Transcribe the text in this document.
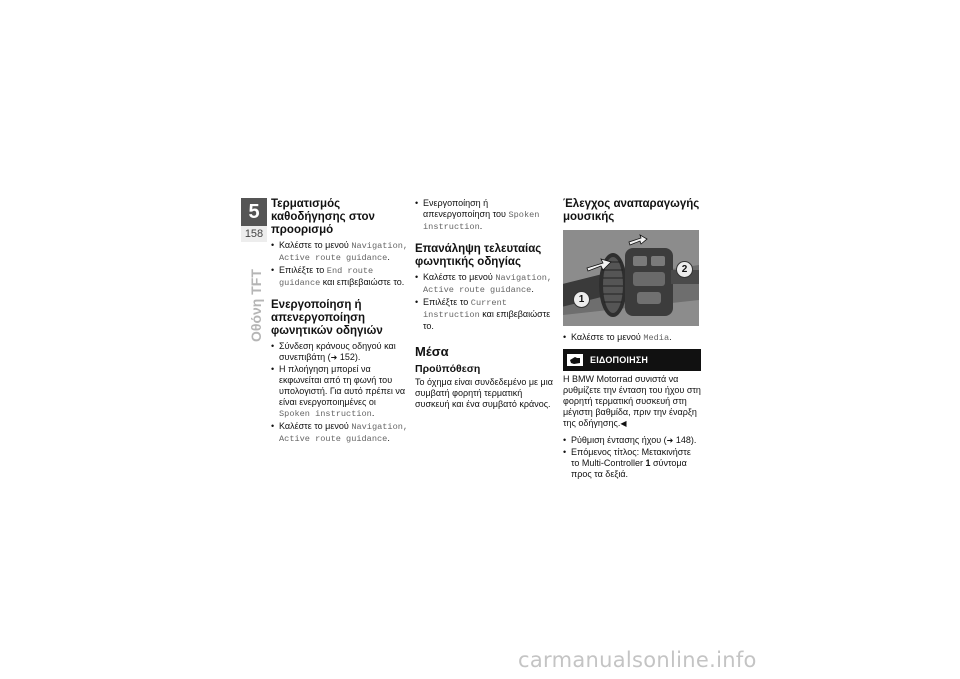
5
158
Οθόνη TFT
Τερματισμός καθοδήγησης στον προορισμό
• Καλέστε το μενού Navigation, Active route guidance.
• Επιλέξτε το End route guidance και επιβεβαιώστε το.
Ενεργοποίηση ή απενεργοποίηση φωνητικών οδηγιών
• Σύνδεση κράνους οδηγού και συνεπιβάτη (➜ 152).
• Η πλοήγηση μπορεί να εκφωνείται από τη φωνή του υπολογιστή. Για αυτό πρέπει να είναι ενεργοποιημένες οι Spoken instruction.
• Καλέστε το μενού Navigation, Active route guidance.
• Ενεργοποίηση ή απενεργοποίηση του Spoken instruction.
Επανάληψη τελευταίας φωνητικής οδηγίας
• Καλέστε το μενού Navigation, Active route guidance.
• Επιλέξτε το Current instruction και επιβεβαιώστε το.
Μέσα
Προϋπόθεση

Το όχημα είναι συνδεδεμένο με μια συμβατή φορητή τερματική συσκευή και ένα συμβατό κράνος.

Έλεγχος αναπαραγωγής μουσικής
1
2
• Καλέστε το μενού Media.
ΕΙΔΟΠΟΙΗΣΗ

Η BMW Motorrad συνιστά να ρυθμίζετε την ένταση του ήχου στη φορητή τερματική συσκευή στη μέγιστη βαθμίδα, πριν την έναρξη της οδήγησης.◀

• Ρύθμιση έντασης ήχου (➜ 148).
• Επόμενος τίτλος: Μετακινήστε το Multi-Controller 1 σύντομα προς τα δεξιά.
carmanualsonline.info
